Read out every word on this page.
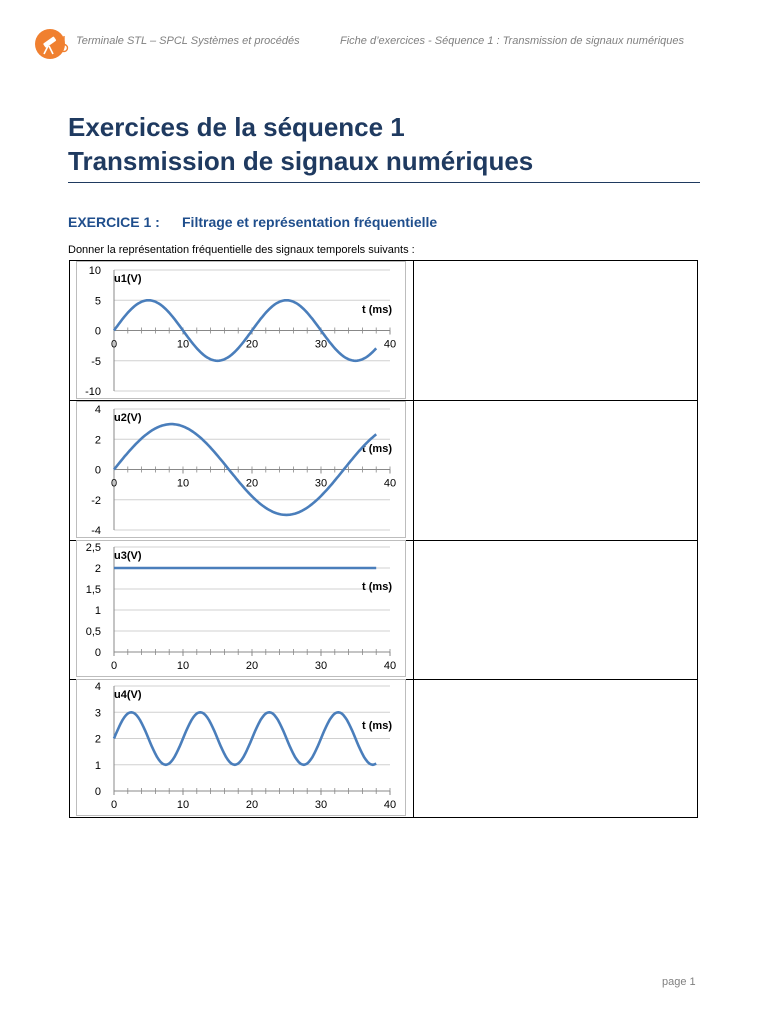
Terminale STL – SPCL Systèmes et procédés	Fiche d’exercices - Séquence 1 : Transmission de signaux numériques
Exercices de la séquence 1
Transmission de signaux numériques
EXERCICE 1 : Filtrage et représentation fréquentielle
Donner la représentation fréquentielle des signaux temporels suivants :
10
5
0
-5
-10
0	10	20	30	40
u1(V)
t (ms)
4
2
0
-2
-4
0	10	20	30	40
u2(V)
t (ms)
2,5
2
1,5
1
0,5
0
0	10	20	30	40
u3(V)
t (ms)
4
3
2
1
0
0	10	20	30	40
u4(V)
t (ms)
page 1
